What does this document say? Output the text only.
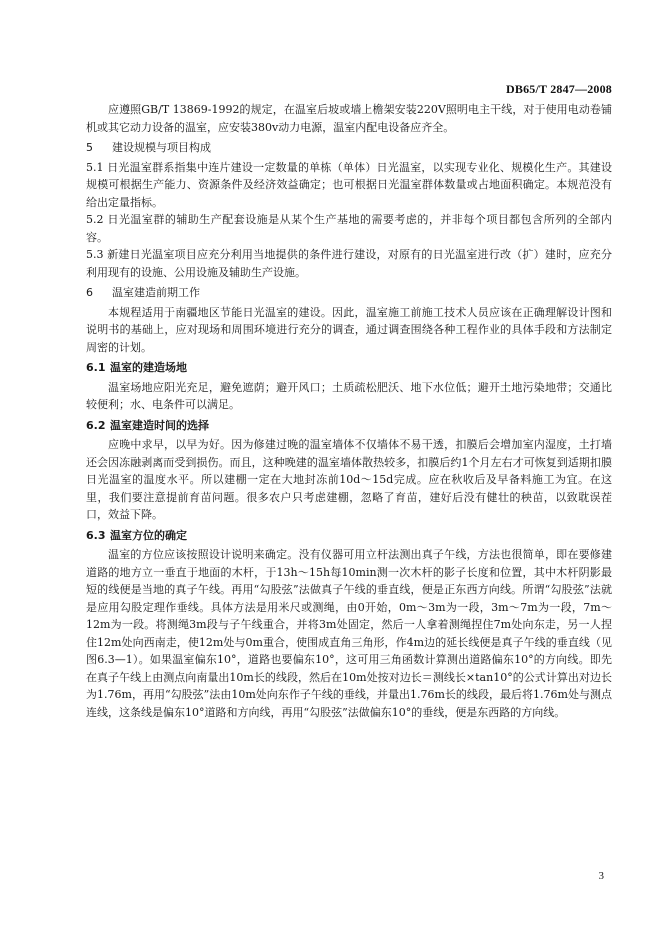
DB65/T 2847—2008

应遵照GB/T 13869-1992的规定，在温室后坡或墙上檐架安装220V照明电主干线，对于使用电动卷铺机或其它动力设备的温室，应安装380v动力电源，温室内配电设备应齐全。

5 建设规模与项目构成

5.1 日光温室群系指集中连片建设一定数量的单栋（单体）日光温室，以实现专业化、规模化生产。其建设规模可根据生产能力、资源条件及经济效益确定；也可根据日光温室群体数量或占地面积确定。本规范没有给出定量指标。

5.2 日光温室群的辅助生产配套设施是从某个生产基地的需要考虑的，并非每个项目都包含所列的全部内容。

5.3 新建日光温室项目应充分利用当地提供的条件进行建设，对原有的日光温室进行改（扩）建时，应充分利用现有的设施、公用设施及辅助生产设施。

6 温室建造前期工作

本规程适用于南疆地区节能日光温室的建设。因此，温室施工前施工技术人员应该在正确理解设计图和说明书的基础上，应对现场和周围环境进行充分的调查，通过调查围绕各种工程作业的具体手段和方法制定周密的计划。

6.1 温室的建造场地

温室场地应阳光充足，避免遮荫；避开风口；土质疏松肥沃、地下水位低；避开土地污染地带；交通比较便利；水、电条件可以满足。

6.2 温室建造时间的选择

应晚中求早，以早为好。因为修建过晚的温室墙体不仅墙体不易干透，扣膜后会增加室内湿度，土打墙还会因冻融剥离而受到损伤。而且，这种晚建的温室墙体散热较多，扣膜后约1个月左右才可恢复到适期扣膜日光温室的温度水平。所以建棚一定在大地封冻前10d～15d完成。应在秋收后及早备料施工为宜。在这里，我们要注意提前育苗问题。很多农户只考虑建棚，忽略了育苗，建好后没有健壮的秧苗，以致耽误茬口，效益下降。

6.3 温室方位的确定

温室的方位应该按照设计说明来确定。没有仪器可用立杆法测出真子午线，方法也很简单，即在要修建道路的地方立一垂直于地面的木杆，于13h～15h每10min测一次木杆的影子长度和位置，其中木杆阴影最短的线便是当地的真子午线。再用“勾股弦”法做真子午线的垂直线，便是正东西方向线。所谓“勾股弦”法就是应用勾股定理作垂线。具体方法是用米尺或测绳，由0开始，0m～3m为一段，3m～7m为一段，7m～12m为一段。将测绳3m段与子午线重合，并将3m处固定，然后一人拿着测绳捏住7m处向东走，另一人捏住12m处向西南走，使12m处与0m重合，使围成直角三角形，作4m边的延长线便是真子午线的垂直线（见图6.3—1）。如果温室偏东10°，道路也要偏东10°，这可用三角函数计算测出道路偏东10°的方向线。即先在真子午线上由测点向南量出10m长的线段，然后在10m处按对边长＝测线长×tan10°的公式计算出对边长为1.76m，再用“勾股弦”法由10m处向东作子午线的垂线，并量出1.76m长的线段，最后将1.76m处与测点连线，这条线是偏东10°道路和方向线，再用“勾股弦”法做偏东10°的垂线，便是东西路的方向线。

3
